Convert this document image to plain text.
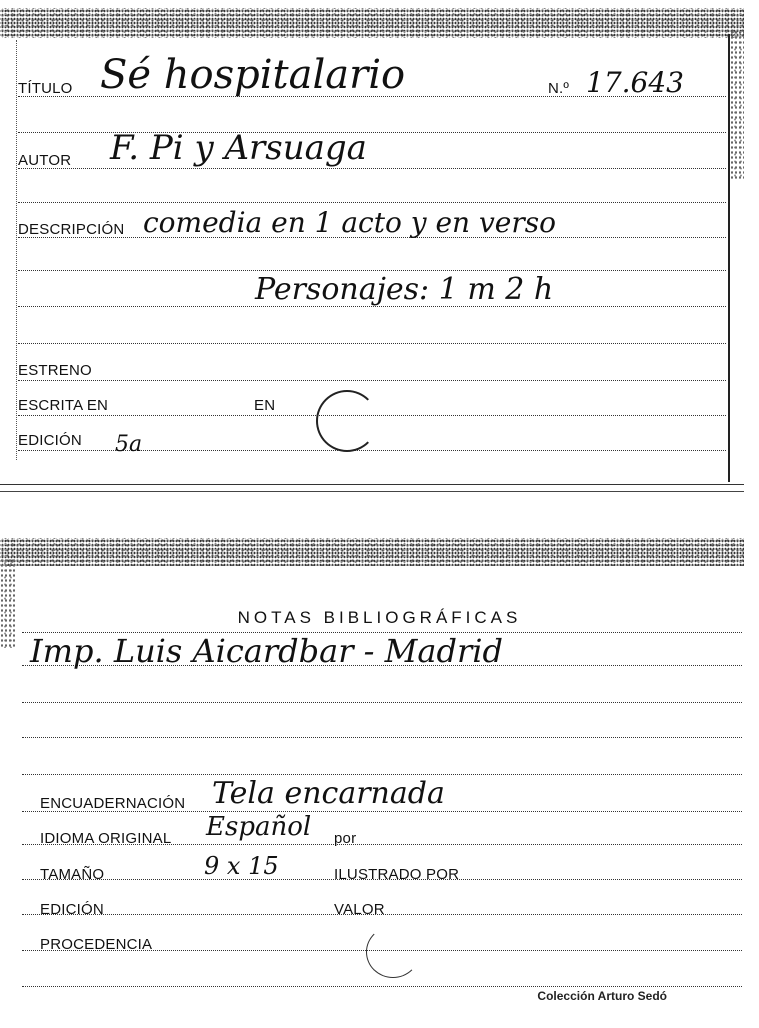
TÍTULO Sé hospitalario	N.º 17.643
AUTOR F. Pi y Arsuaga
DESCRIPCIÓN comedia en 1 acto y en verso
Personajes: 1 m 2 h
ESTRENO
ESCRITA EN	EN
EDICIÓN 5a
NOTAS BIBLIOGRÁFICAS
Imp. Luis Aicardbar - Madrid
ENCUADERNACIÓN Tela encarnada
IDIOMA ORIGINAL Español por
TAMAÑO	9 x 15	ILUSTRADO POR
EDICIÓN	VALOR
PROCEDENCIA
Colección Arturo Sedó
